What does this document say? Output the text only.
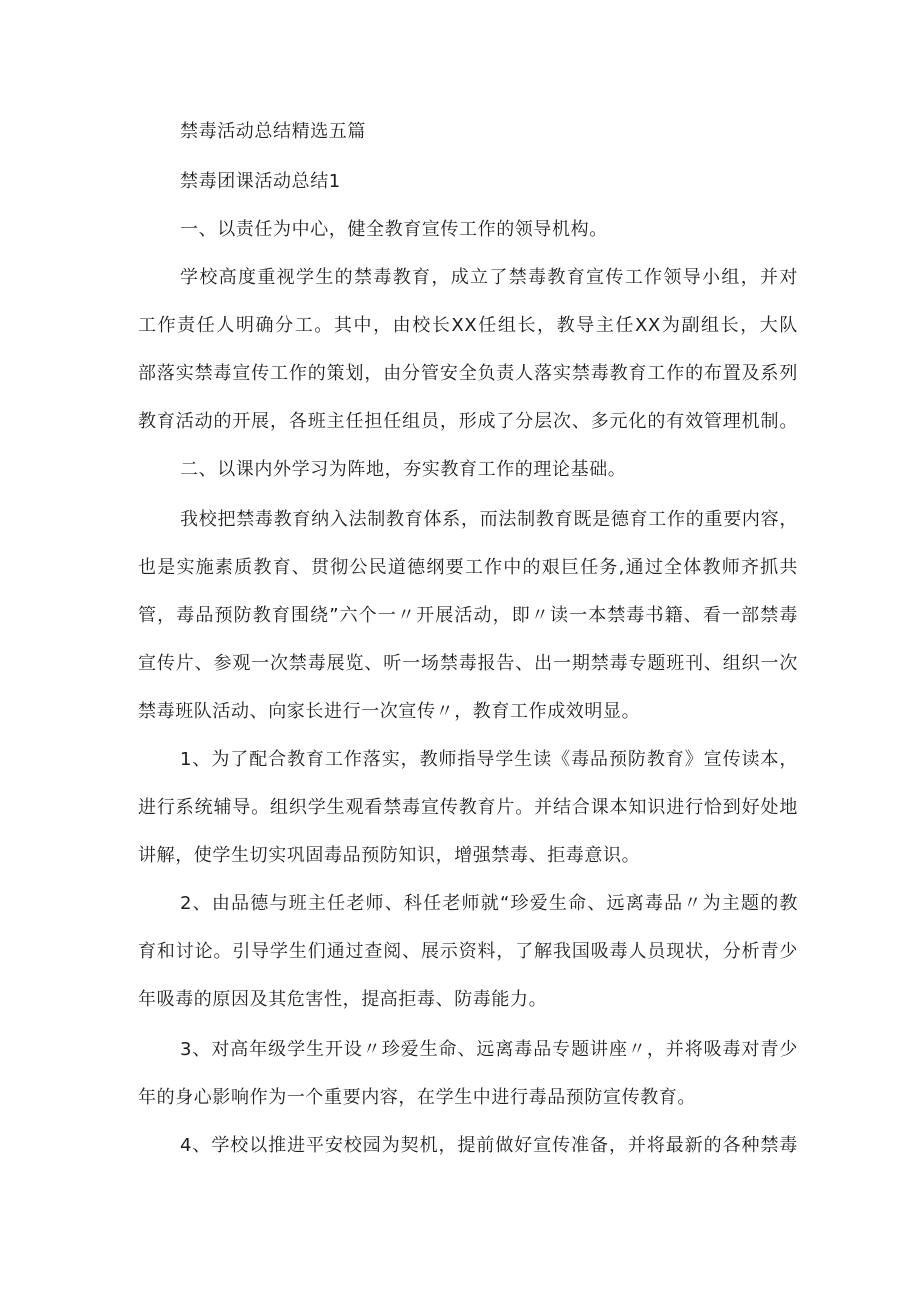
禁毒活动总结精选五篇
禁毒团课活动总结1
一、以责任为中心，健全教育宣传工作的领导机构。
学校高度重视学生的禁毒教育，成立了禁毒教育宣传工作领导小组，并对
工作责任人明确分工。其中，由校长XX任组长，教导主任XX为副组长，大队
部落实禁毒宣传工作的策划，由分管安全负责人落实禁毒教育工作的布置及系列
教育活动的开展，各班主任担任组员，形成了分层次、多元化的有效管理机制。
二、以课内外学习为阵地，夯实教育工作的理论基础。
我校把禁毒教育纳入法制教育体系，而法制教育既是德育工作的重要内容，
也是实施素质教育、贯彻公民道德纲要工作中的艰巨任务,通过全体教师齐抓共
管，毒品预防教育围绕”六个一〃开展活动，即〃读一本禁毒书籍、看一部禁毒
宣传片、参观一次禁毒展览、听一场禁毒报告、出一期禁毒专题班刊、组织一次
禁毒班队活动、向家长进行一次宣传〃，教育工作成效明显。
1、为了配合教育工作落实，教师指导学生读《毒品预防教育》宣传读本，
进行系统辅导。组织学生观看禁毒宣传教育片。并结合课本知识进行恰到好处地
讲解，使学生切实巩固毒品预防知识，增强禁毒、拒毒意识。
2、由品德与班主任老师、科任老师就“珍爱生命、远离毒品〃为主题的教
育和讨论。引导学生们通过查阅、展示资料，了解我国吸毒人员现状，分析青少
年吸毒的原因及其危害性，提高拒毒、防毒能力。
3、对高年级学生开设〃珍爱生命、远离毒品专题讲座〃，并将吸毒对青少
年的身心影响作为一个重要内容，在学生中进行毒品预防宣传教育。
4、学校以推进平安校园为契机，提前做好宣传准备，并将最新的各种禁毒
